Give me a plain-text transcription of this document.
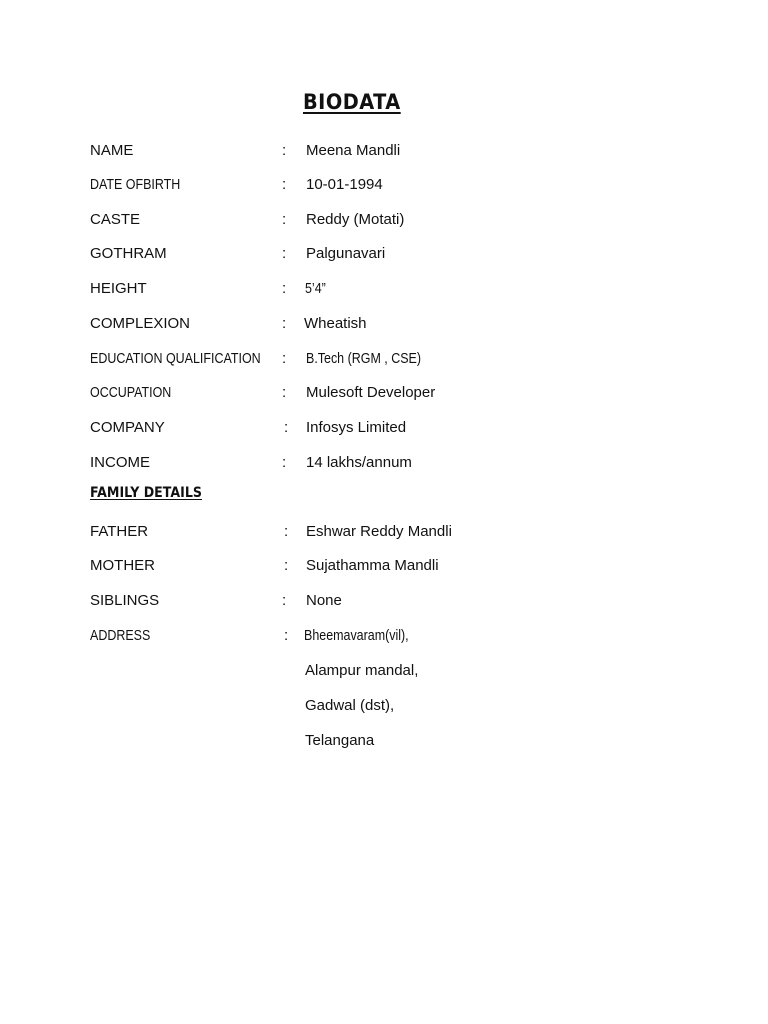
BIODATA
NAME	: Meena Mandli
DATE OFBIRTH	: 10-01-1994
CASTE	: Reddy (Motati)
GOTHRAM	: Palgunavari
HEIGHT	: 5’4”
COMPLEXION	: Wheatish
EDUCATION QUALIFICATION : B.Tech (RGM , CSE)
OCCUPATION	: Mulesoft Developer
COMPANY	: Infosys Limited
INCOME	: 14 lakhs/annum
FAMILY DETAILS
FATHER	: Eshwar Reddy Mandli
MOTHER	: Sujathamma Mandli
SIBLINGS	: None
ADDRESS	: Bheemavaram(vil),
Alampur mandal,
Gadwal (dst),
Telangana
